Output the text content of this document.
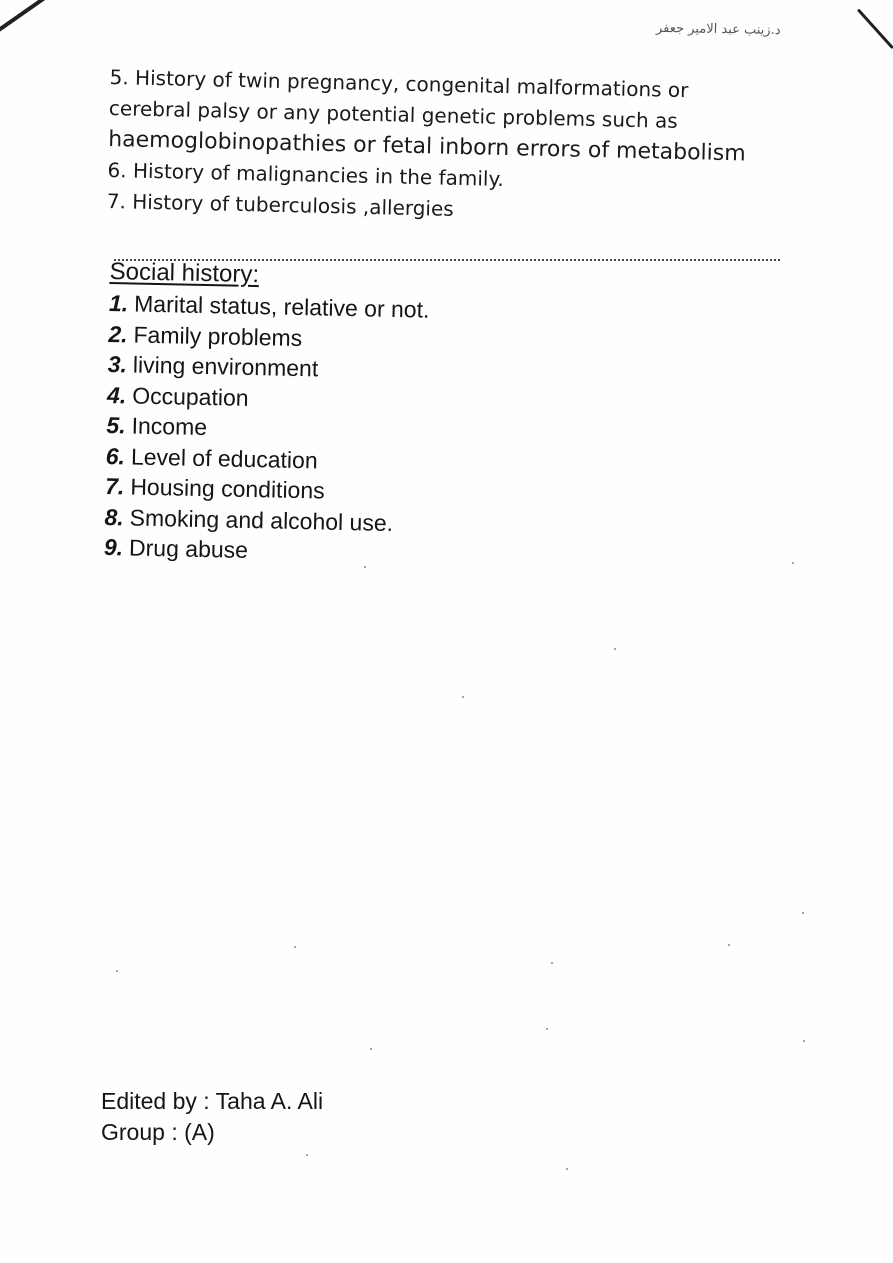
د.زينب عبد الامير جعفر
5. History of twin pregnancy, congenital malformations or
cerebral palsy or any potential genetic problems such as
haemoglobinopathies or fetal inborn errors of metabolism
6. History of malignancies in the family.
7. History of tuberculosis ,allergies
Social history:
1. Marital status, relative or not.
2. Family problems
3. living environment
4. Occupation
5. Income
6. Level of education
7. Housing conditions
8. Smoking and alcohol use.
9. Drug abuse
Edited by : Taha A. Ali
Group : (A)
